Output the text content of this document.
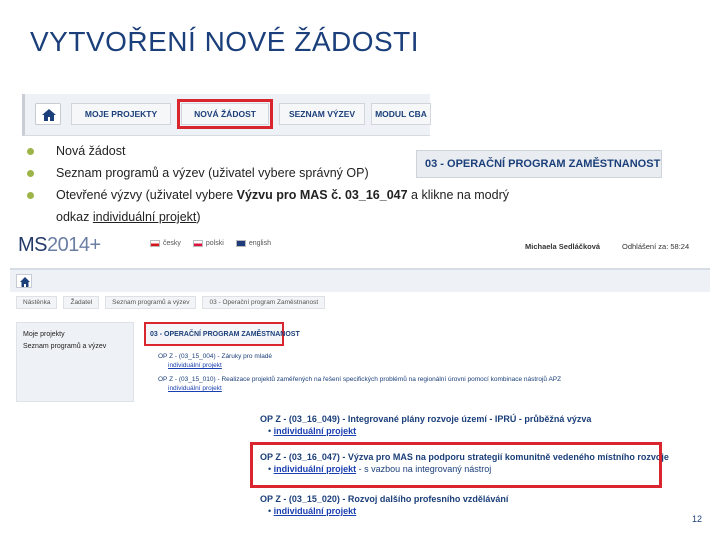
VYTVOŘENÍ NOVÉ ŽÁDOSTI
MOJE PROJEKTY	NOVÁ ŽÁDOST	SEZNAM VÝZEV	MODUL CBA
03 - OPERAČNÍ PROGRAM ZAMĚSTNANOST
Nová žádost
Seznam programů a výzev (uživatel vybere správný OP)
Otevřené výzvy (uživatel vybere Výzvu pro MAS č. 03_16_047 a klikne na modrý odkaz individuální projekt)
MS2014+	česky	polski	english	Michaela Sedláčková	Odhlášení za: 58:24
Nástěnka	Žadatel	Seznam programů a výzev	03 - Operační program Zaměstnanost
Moje projekty
Seznam programů a výzev
03 - OPERAČNÍ PROGRAM ZAMĚSTNANOST
OP Z - (03_15_004) - Záruky pro mladé
individuální projekt
OP Z - (03_15_010) - Realizace projektů zaměřených na řešení specifických problémů na regionální úrovni pomocí kombinace nástrojů APZ
individuální projekt
OP Z - (03_16_049) - Integrované plány rozvoje území - IPRÚ - průběžná výzva
• individuální projekt
OP Z - (03_16_047) - Výzva pro MAS na podporu strategií komunitně vedeného místního rozvoje
• individuální projekt - s vazbou na integrovaný nástroj
OP Z - (03_15_020) - Rozvoj dalšího profesního vzdělávání
• individuální projekt
12
